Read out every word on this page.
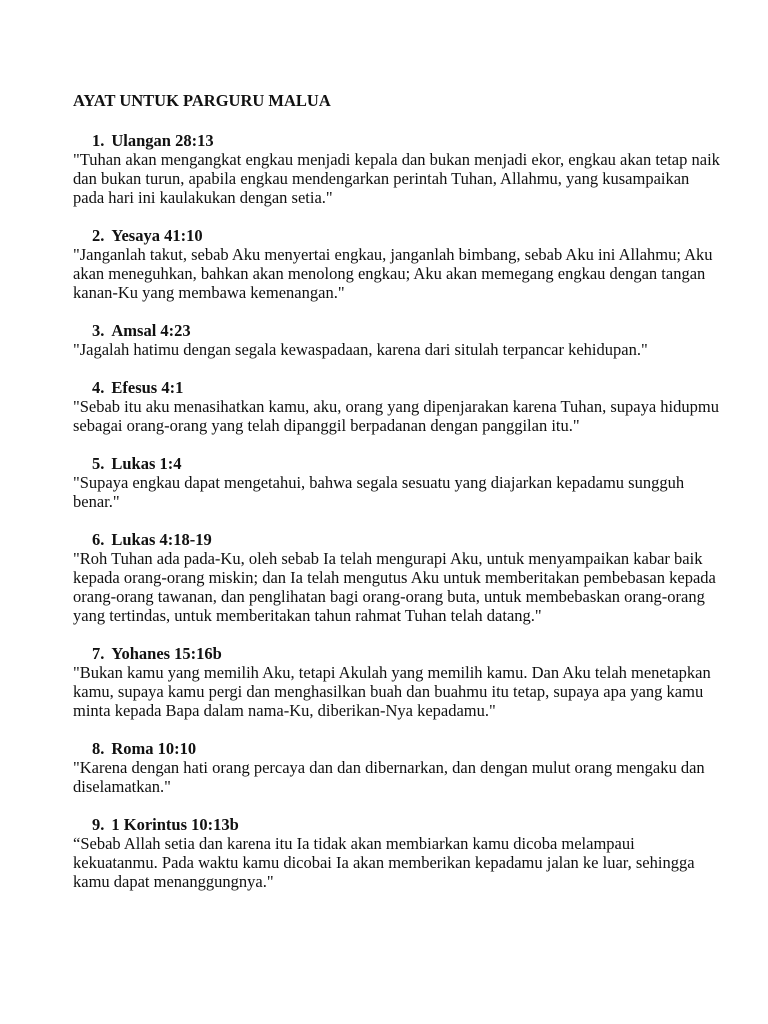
AYAT UNTUK PARGURU MALUA
1. Ulangan 28:13

"Tuhan akan mengangkat engkau menjadi kepala dan bukan menjadi ekor, engkau akan tetap naik dan bukan turun, apabila engkau mendengarkan perintah Tuhan, Allahmu, yang kusampaikan pada hari ini kaulakukan dengan setia."

2. Yesaya 41:10

"Janganlah takut, sebab Aku menyertai engkau, janganlah bimbang, sebab Aku ini Allahmu; Aku akan meneguhkan, bahkan akan menolong engkau; Aku akan memegang engkau dengan tangan kanan-Ku yang membawa kemenangan."

3. Amsal 4:23

"Jagalah hatimu dengan segala kewaspadaan, karena dari situlah terpancar kehidupan."

4. Efesus 4:1

"Sebab itu aku menasihatkan kamu, aku, orang yang dipenjarakan karena Tuhan, supaya hidupmu sebagai orang-orang yang telah dipanggil berpadanan dengan panggilan itu."

5. Lukas 1:4

"Supaya engkau dapat mengetahui, bahwa segala sesuatu yang diajarkan kepadamu sungguh benar."

6. Lukas 4:18-19

"Roh Tuhan ada pada-Ku, oleh sebab Ia telah mengurapi Aku, untuk menyampaikan kabar baik kepada orang-orang miskin; dan Ia telah mengutus Aku untuk memberitakan pembebasan kepada orang-orang tawanan, dan penglihatan bagi orang-orang buta, untuk membebaskan orang-orang yang tertindas, untuk memberitakan tahun rahmat Tuhan telah datang."

7. Yohanes 15:16b

"Bukan kamu yang memilih Aku, tetapi Akulah yang memilih kamu. Dan Aku telah menetapkan kamu, supaya kamu pergi dan menghasilkan buah dan buahmu itu tetap, supaya apa yang kamu minta kepada Bapa dalam nama-Ku, diberikan-Nya kepadamu."

8. Roma 10:10

"Karena dengan hati orang percaya dan dan dibernarkan, dan dengan mulut orang mengaku dan diselamatkan."

9. 1 Korintus 10:13b

“Sebab Allah setia dan karena itu Ia tidak akan membiarkan kamu dicoba melampaui kekuatanmu. Pada waktu kamu dicobai Ia akan memberikan kepadamu jalan ke luar, sehingga kamu dapat menanggungnya."
